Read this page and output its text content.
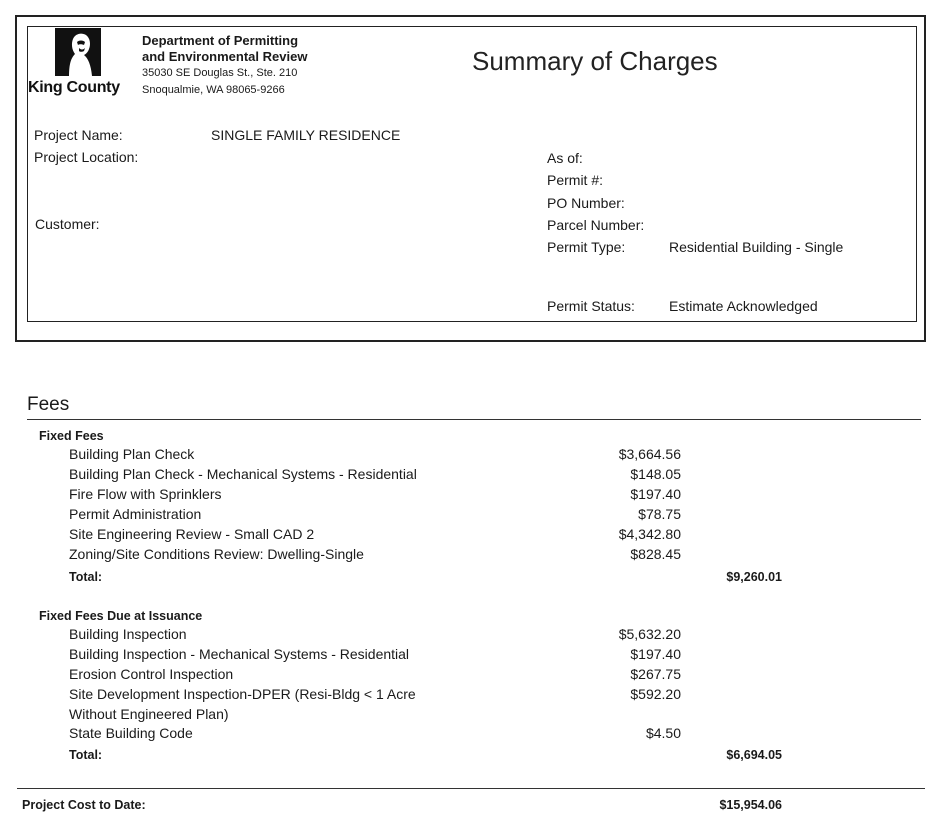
King County
Department of Permitting
and Environmental Review
35030 SE Douglas St., Ste. 210
Snoqualmie, WA 98065-9266
Summary of Charges
Project Name:	SINGLE FAMILY RESIDENCE
Project Location:
Customer:
As of:
Permit #:
PO Number:
Parcel Number:
Permit Type:	Residential Building - Single
Permit Status: Estimate Acknowledged
Fees
Fixed Fees
Building Plan Check	$3,664.56
Building Plan Check - Mechanical Systems - Residential	$148.05
Fire Flow with Sprinklers	$197.40
Permit Administration	$78.75
Site Engineering Review - Small CAD 2	$4,342.80
Zoning/Site Conditions Review: Dwelling-Single	$828.45
Total:	$9,260.01
Fixed Fees Due at Issuance
Building Inspection	$5,632.20
Building Inspection - Mechanical Systems - Residential	$197.40
Erosion Control Inspection	$267.75
Site Development Inspection-DPER (Resi-Bldg < 1 Acre	$592.20
Without Engineered Plan)
State Building Code	$4.50
Total:	$6,694.05
Project Cost to Date:	$15,954.06
